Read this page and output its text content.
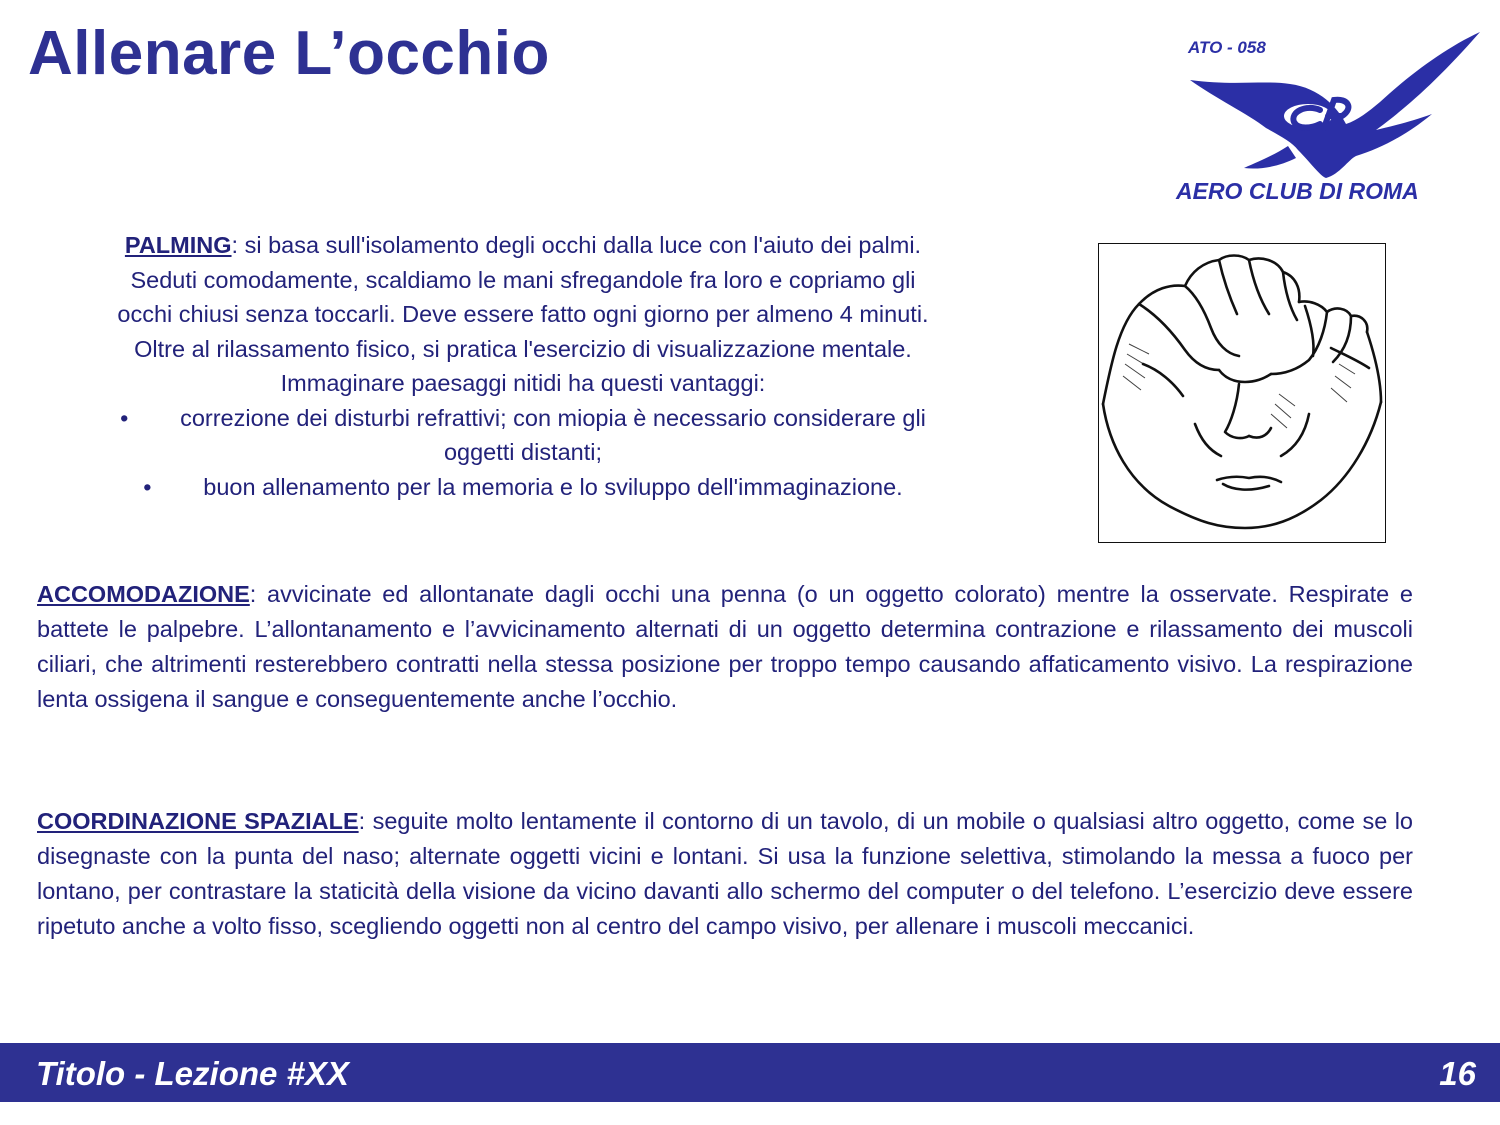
Allenare L’occhio	ATO - 058
AERO CLUB DI ROMA

PALMING: si basa sull'isolamento degli occhi dalla luce con l'aiuto dei palmi.

Seduti comodamente, scaldiamo le mani sfregandole fra loro e copriamo gli

occhi chiusi senza toccarli. Deve essere fatto ogni giorno per almeno 4 minuti.

Oltre al rilassamento fisico, si pratica l'esercizio di visualizzazione mentale.

Immaginare paesaggi nitidi ha questi vantaggi:

• correzione dei disturbi refrattivi; con miopia è necessario considerare gli

oggetti distanti;

• buon allenamento per la memoria e lo sviluppo dell'immaginazione.

ACCOMODAZIONE: avvicinate ed allontanate dagli occhi una penna (o un oggetto colorato) mentre la osservate. Respirate e battete le palpebre. L’allontanamento e l’avvicinamento alternati di un oggetto determina contrazione e rilassamento dei muscoli ciliari, che altrimenti resterebbero contratti nella stessa posizione per troppo tempo causando affaticamento visivo. La respirazione lenta ossigena il sangue e conseguentemente anche l’occhio.

COORDINAZIONE SPAZIALE: seguite molto lentamente il contorno di un tavolo, di un mobile o qualsiasi altro oggetto, come se lo disegnaste con la punta del naso; alternate oggetti vicini e lontani. Si usa la funzione selettiva, stimolando la messa a fuoco per lontano, per contrastare la staticità della visione da vicino davanti allo schermo del computer o del telefono. L’esercizio deve essere ripetuto anche a volto fisso, scegliendo oggetti non al centro del campo visivo, per allenare i muscoli meccanici.

Titolo - Lezione #XX	16
